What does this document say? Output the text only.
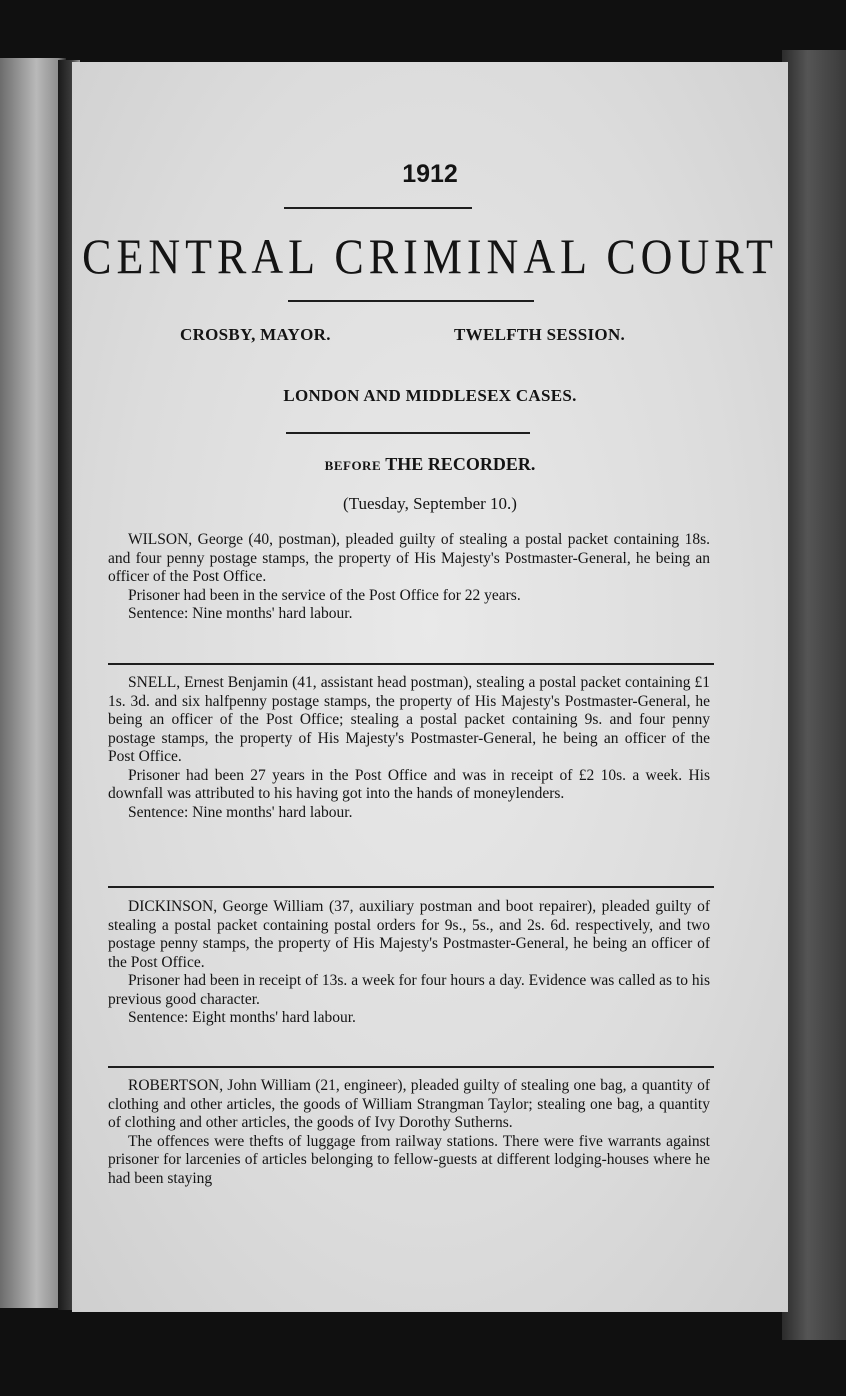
1912
CENTRAL CRIMINAL COURT
CROSBY, MAYOR.	TWELFTH SESSION.
LONDON AND MIDDLESEX CASES.
BEFORE THE RECORDER.
(Tuesday, September 10.)

WILSON, George (40, postman), pleaded guilty of stealing a postal packet containing 18s. and four penny postage stamps, the property of His Majesty's Postmaster-General, he being an officer of the Post Office.

Prisoner had been in the service of the Post Office for 22 years.

Sentence: Nine months' hard labour.

SNELL, Ernest Benjamin (41, assistant head postman), stealing a postal packet containing £1 1s. 3d. and six halfpenny postage stamps, the property of His Majesty's Postmaster-General, he being an officer of the Post Office; stealing a postal packet containing 9s. and four penny postage stamps, the property of His Majesty's Postmaster-General, he being an officer of the Post Office.

Prisoner had been 27 years in the Post Office and was in receipt of £2 10s. a week. His downfall was attributed to his having got into the hands of moneylenders.

Sentence: Nine months' hard labour.

DICKINSON, George William (37, auxiliary postman and boot repairer), pleaded guilty of stealing a postal packet containing postal orders for 9s., 5s., and 2s. 6d. respectively, and two postage penny stamps, the property of His Majesty's Postmaster-General, he being an officer of the Post Office.

Prisoner had been in receipt of 13s. a week for four hours a day. Evidence was called as to his previous good character.

Sentence: Eight months' hard labour.

ROBERTSON, John William (21, engineer), pleaded guilty of stealing one bag, a quantity of clothing and other articles, the goods of William Strangman Taylor; stealing one bag, a quantity of clothing and other articles, the goods of Ivy Dorothy Sutherns.

The offences were thefts of luggage from railway stations. There were five warrants against prisoner for larcenies of articles belonging to fellow-guests at different lodging-houses where he had been staying
